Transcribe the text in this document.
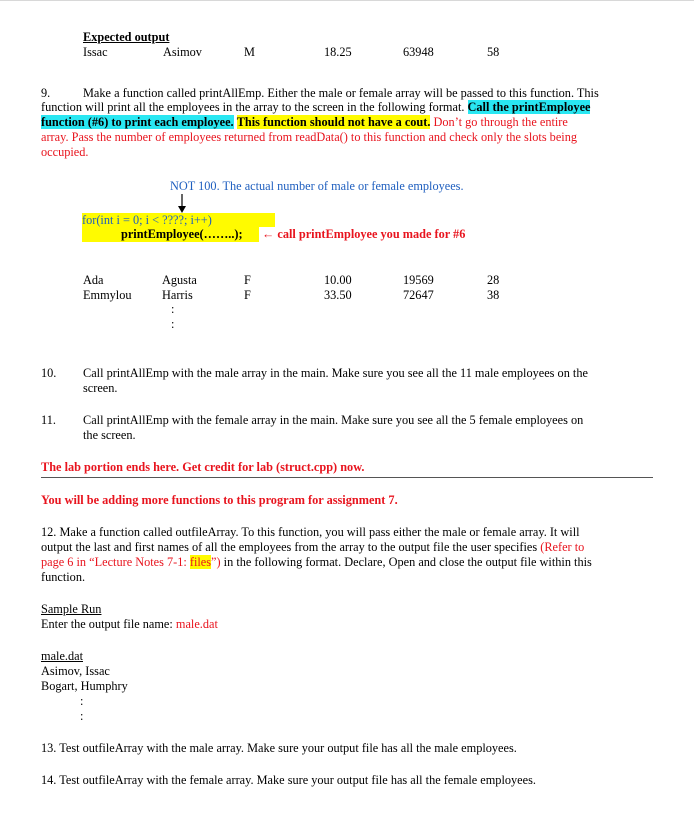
Expected output
Issac	Asimov	M	18.25	63948	58
9.	Make a function called printAllEmp. Either the male or female array will be passed to this function. This
function will print all the employees in the array to the screen in the following format. Call the printEmployee
function (#6) to print each employee. This function should not have a cout. Don’t go through the entire
array. Pass the number of employees returned from readData() to this function and check only the slots being
occupied.
NOT 100. The actual number of male or female employees.
for(int i = 0; i < ????; i++)
printEmployee(……..); ← call printEmployee you made for #6
Ada	Agusta	F	10.00	19569	28
Emmylou Harris	F	33.50	72647	38
:
:
10. Call printAllEmp with the male array in the main. Make sure you see all the 11 male employees on the
screen.
11. Call printAllEmp with the female array in the main. Make sure you see all the 5 female employees on
the screen.
The lab portion ends here. Get credit for lab (struct.cpp) now.
You will be adding more functions to this program for assignment 7.
12. Make a function called outfileArray. To this function, you will pass either the male or female array. It will
output the last and first names of all the employees from the array to the output file the user specifies (Refer to
page 6 in “Lecture Notes 7-1: files”) in the following format. Declare, Open and close the output file within this
function.
Sample Run
Enter the output file name: male.dat
male.dat
Asimov, Issac
Bogart, Humphry
:
:
13. Test outfileArray with the male array. Make sure your output file has all the male employees.
14. Test outfileArray with the female array. Make sure your output file has all the female employees.
